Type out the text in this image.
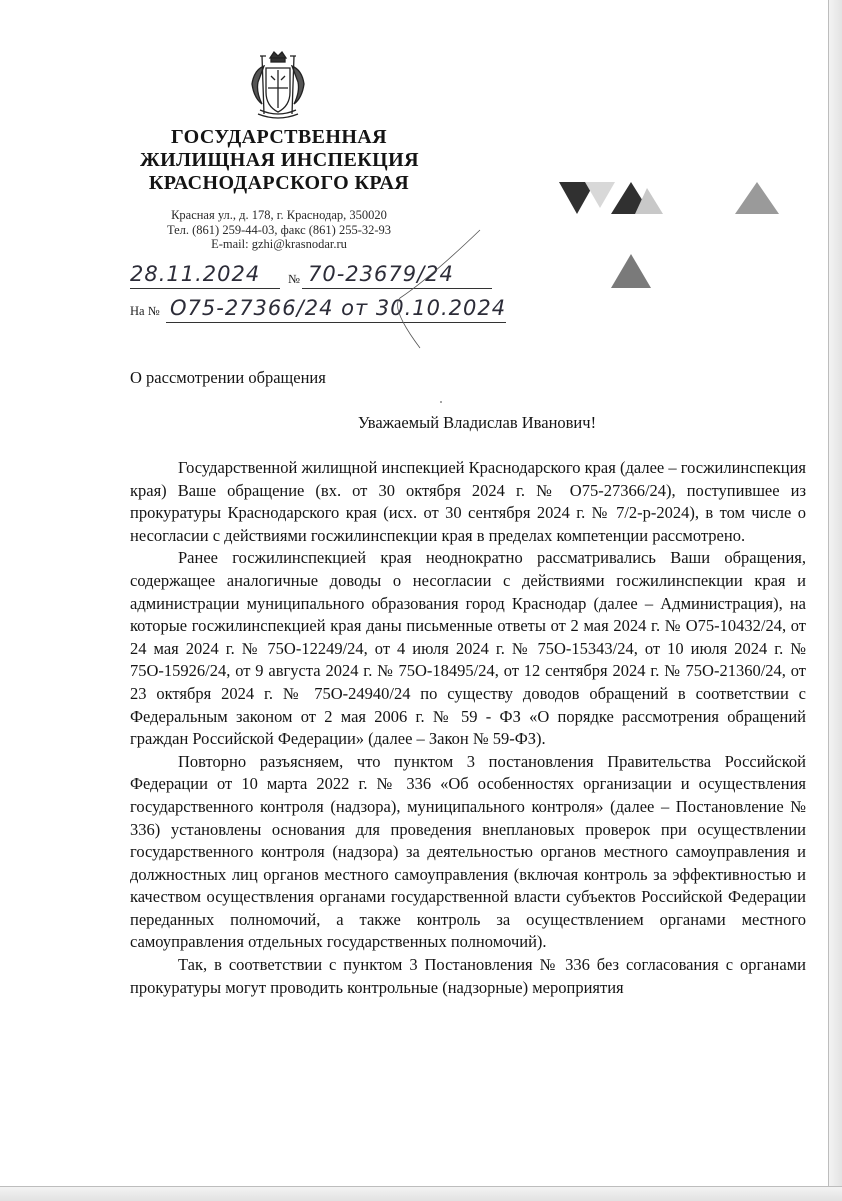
ГОСУДАРСТВЕННАЯ
ЖИЛИЩНАЯ ИНСПЕКЦИЯ
КРАСНОДАРСКОГО КРАЯ
Красная ул., д. 178, г. Краснодар, 350020
Тел. (861) 259-44-03, факс (861) 255-32-93
E-mail: gzhi@krasnodar.ru
28.11.2024 № 70-23679/24
На № О75-27366/24 от 30.10.2024
О рассмотрении обращения
Уважаемый Владислав Иванович!

Государственной жилищной инспекцией Краснодарского края (далее – госжилинспекция края) Ваше обращение (вх. от 30 октября 2024 г. № О75-27366/24), поступившее из прокуратуры Краснодарского края (исх. от 30 сентября 2024 г. № 7/2-р-2024), в том числе о несогласии с действиями госжилинспекции края в пределах компетенции рассмотрено.

Ранее госжилинспекцией края неоднократно рассматривались Ваши обращения, содержащее аналогичные доводы о несогласии с действиями госжилинспекции края и администрации муниципального образования город Краснодар (далее – Администрация), на которые госжилинспекцией края даны письменные ответы от 2 мая 2024 г. № О75-10432/24, от 24 мая 2024 г. № 75О-12249/24, от 4 июля 2024 г. № 75О-15343/24, от 10 июля 2024 г. № 75О-15926/24, от 9 августа 2024 г. № 75О-18495/24, от 12 сентября 2024 г. № 75О-21360/24, от 23 октября 2024 г. № 75О-24940/24 по существу доводов обращений в соответствии с Федеральным законом от 2 мая 2006 г. № 59 - ФЗ «О порядке рассмотрения обращений граждан Российской Федерации» (далее – Закон № 59-ФЗ).

Повторно разъясняем, что пунктом 3 постановления Правительства Российской Федерации от 10 марта 2022 г. № 336 «Об особенностях организации и осуществления государственного контроля (надзора), муниципального контроля» (далее – Постановление № 336) установлены основания для проведения внеплановых проверок при осуществлении государственного контроля (надзора) за деятельностью органов местного самоуправления и должностных лиц органов местного самоуправления (включая контроль за эффективностью и качеством осуществления органами государственной власти субъектов Российской Федерации переданных полномочий, а также контроль за осуществлением органами местного самоуправления отдельных государственных полномочий).

Так, в соответствии с пунктом 3 Постановления № 336 без согласования с органами прокуратуры могут проводить контрольные (надзорные) мероприятия
